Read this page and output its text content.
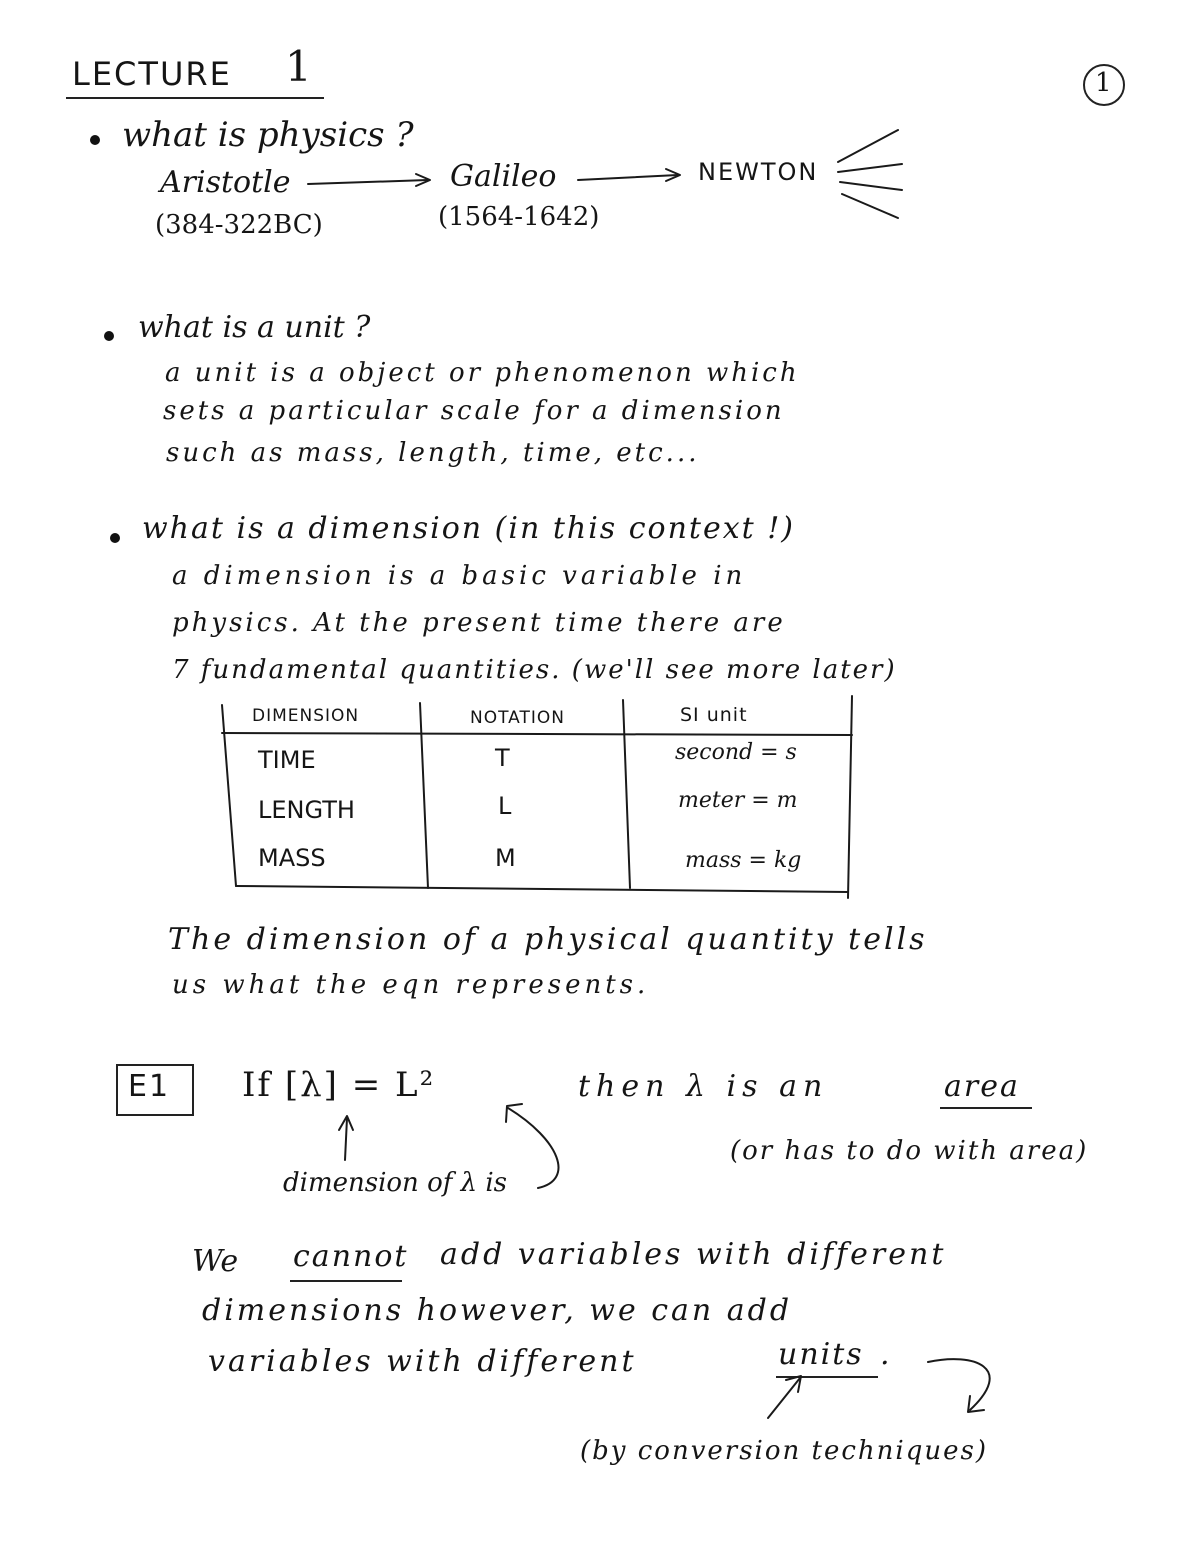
LECTURE 1	1
what is physics ?
Aristotle
(384-322BC)
Galileo
(1564-1642)
NEWTON
what is a unit ?
a unit is a object or phenomenon which
sets a particular scale for a dimension
such as mass, length, time, etc...
what is a dimension (in this context !)
a dimension is a basic variable in
physics. At the present time there are
7 fundamental quantities. (we'll see more later)
DIMENSION	NOTATION	SI unit
TIME	T	second = s
LENGTH	L	meter = m
MASS	M	mass = kg
The dimension of a physical quantity tells
us what the eqn represents.
E1 If [λ] = L²	then λ is an	area
(or has to do with area)
dimension of λ is
We cannot add variables with different
dimensions however, we can add
variables with different	units .
(by conversion techniques)
